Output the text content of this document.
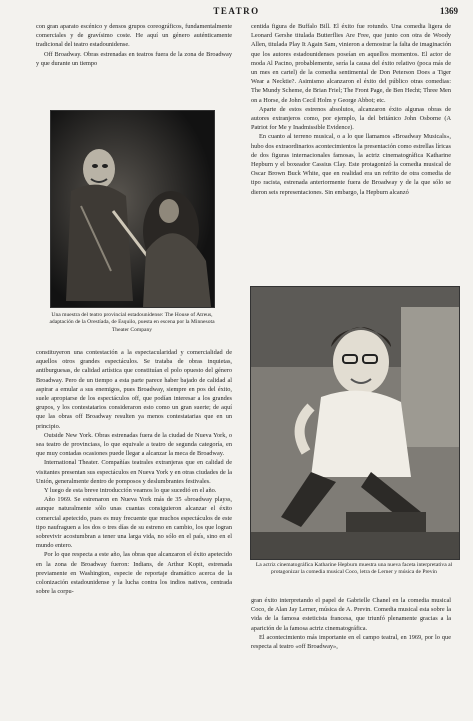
TEATRO	1369

con gran aparato escénico y densos grupos coreográficos, fundamentalmente comerciales y de gravísimo coste. He aquí un género auténticamente tradicional del teatro estadounidense.

Off Broadway. Obras estrenadas en teatros fuera de la zona de Broadway y que durante un tiempo

Una muestra del teatro provincial estadounidense: The House of Atreus, adaptación de la Orestíada, de Esquilo, puesta en escena por la Minnesota Theater Company

constituyeron una contestación a la espectacularidad y comercialidad de aquellos otros grandes espectáculos. Se trataba de obras inquietas, antiburguesas, de calidad artística que constituían el polo opuesto del género Broadway. Pero de un tiempo a esta parte parece haber bajado de calidad al aspirar a emular a sus enemigos, pues Broadway, siempre en pos del éxito, suele apropiarse de los espectáculos off, que podían interesar a los grandes grupos, y los contestatarios consideraron esto como un gran suerte; de aquí que las obras off Broadway resulten ya menos contestatarias que en un principio.

Outside New York. Obras estrenadas fuera de la ciudad de Nueva York, o sea teatro de provinciass, lo que equivale a teatro de segunda categoría, en que muy contadas ocasiones puede llegar a alcanzar la meca de Broadway.

International Theater. Compañías teatrales extranjeras que en calidad de visitantes presentan sus espectáculos en Nueva York y en otras ciudades de la Unión, generalmente dentro de pomposos y deslumbrantes festivales.

Y luego de esta breve introducción veamos lo que sucedió en el año.

Año 1969. Se estrenaron en Nueva York más de 35 «broadway playss, aunque naturalmente sólo unas cuantas consiguieron alcanzar el éxito comercial apetecido, pues es muy frecuente que muchos espectáculos de este tipo naufraguen a los dos o tres días de su estreno en cambio, los que logran sobrevivir acostumbran a tener una larga vida, no sólo en el país, sino en el mundo entero.

Por lo que respecta a este año, las obras que alcanzaron el éxito apetecido en la zona de Broadway fueron: Indians, de Arthur Kopit, estrenada previamente en Washington, especie de reportaje dramático acerca de la colonización estadounidense y la lucha contra los indios nativos, centrada sobre la corpu-

centida figura de Buffalo Bill. El éxito fue rotundo. Una comedia ligera de Leonard Gershe titulada Butterflies Are Free, que junto con otra de Woody Allen, titulada Play It Again Sam, vinieron a demostrar la falta de imaginación que los autores estadounidenses poseían en aquellos momentos. El actor de moda Al Pacino, probablemente, sería la causa del éxito relativo (poca más de un mes en cartel) de la comedia sentimental de Don Peterson Does a Tiger Wear a Necktie?. Asimismo alcanzaron el éxito del público otras comedias: The Mundy Scheme, de Brian Friel; The Front Page, de Ben Hecht; Three Men on a Horse, de John Cecil Holm y George Abbot; etc.

Aparte de estos estrenos absolutos, alcanzaron éxito algunas obras de autores extranjeros como, por ejemplo, la del británico John Osborne (A Patriot for Me y Inadmissible Evidence).

En cuanto al terreno musical, o a lo que llamamos «Broadway Musicals», hubo dos extraordinarios acontecimientos la presentación como estrellas líricas de dos figuras internacionales famosas, la actriz cinematográfica Katharine Hepburn y el boxeador Cassius Clay. Este protagonizó la comedia musical de Oscar Brown Buck White, que en realidad era un refrito de otra comedia de tipo racista, estrenada anteriormente fuera de Broadway y de la que sólo se dieron seis representaciones. Sin embargo, la Hepburn alcanzó

La actriz cinematográfica Katharine Hepburn muestra una nueva faceta interpretativa al protagonizar la comedia musical Coco, letra de Lerner y música de Previn

gran éxito interpretando el papel de Gabrielle Chanel en la comedia musical Coco, de Alan Jay Lerner, música de A. Previn. Comedia musical esta sobre la vida de la famosa esteticista francesa, que triunfó plenamente gracias a la aparición de la famosa actriz cinematográfica.

El acontecimiento más importante en el campo teatral, en 1969, por lo que respecta al teatro «off Broadway»,
